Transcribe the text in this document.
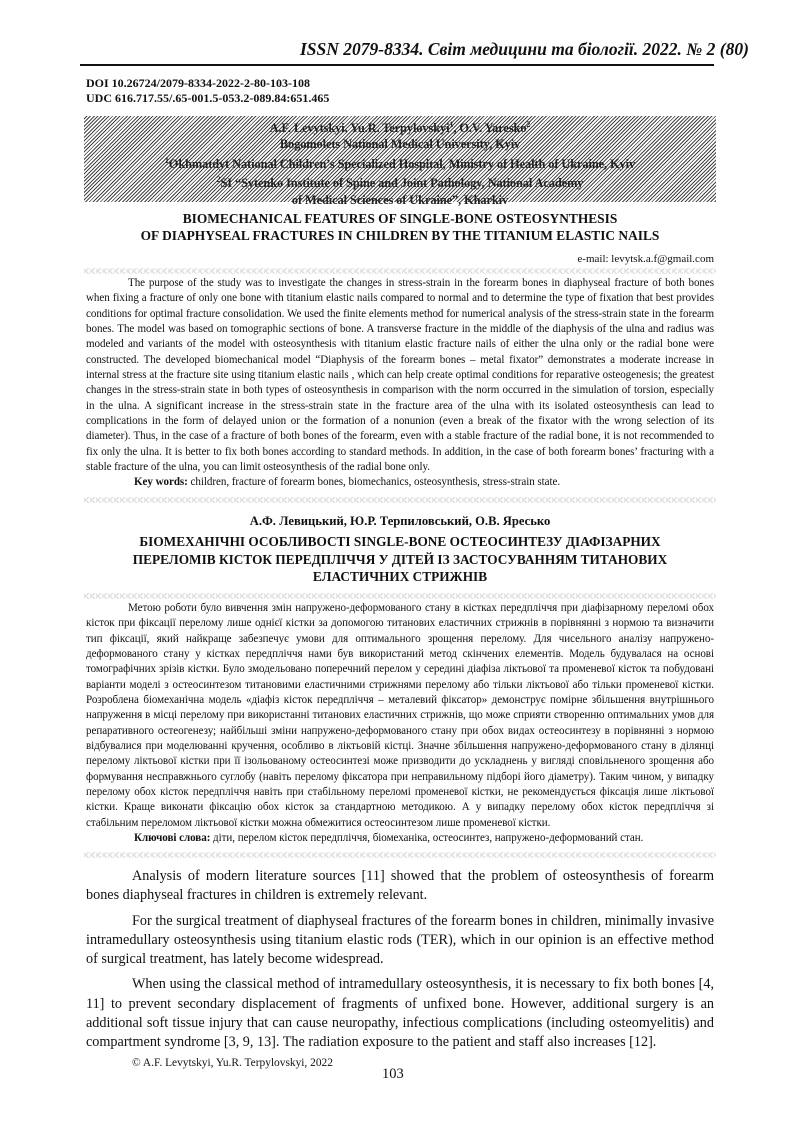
ISSN 2079-8334. Світ медицини та біології. 2022. № 2 (80)
DOI 10.26724/2079-8334-2022-2-80-103-108
UDC 616.717.55/.65-001.5-053.2-089.84:651.465
A.F. Levytskyi, Yu.R. Terpylovskyi$^1$, O.V. Yaresko$^2$
Bogomolets National Medical University, Kyiv
$^1$Okhmatdyt National Children’s Specialized Hospital, Ministry of Health of Ukraine, Kyiv
$^2$SI “Sytenko Institute of Spine and Joint Pathology, National Academy
of Medical Sciences of Ukraine”, Kharkiv
BIOMECHANICAL FEATURES OF SINGLE-BONE OSTEOSYNTHESIS
OF DIAPHYSEAL FRACTURES IN CHILDREN BY THE TITANIUM ELASTIC NAILS
e-mail: levytsk.a.f@gmail.com

The purpose of the study was to investigate the changes in stress-strain in the forearm bones in diaphyseal fracture of both bones when fixing a fracture of only one bone with titanium elastic nails compared to normal and to determine the type of fixation that best provides conditions for optimal fracture consolidation. We used the finite elements method for numerical analysis of the stress-strain state in the forearm bones. The model was based on tomographic sections of bone. A transverse fracture in the middle of the diaphysis of the ulna and radius was modeled and variants of the model with osteosynthesis with titanium elastic fracture nails of either the ulna only or the radial bone were constructed. The developed biomechanical model “Diaphysis of the forearm bones – metal fixator” demonstrates a moderate increase in internal stress at the fracture site using titanium elastic nails , which can help create optimal conditions for reparative osteogenesis; the greatest changes in the stress-strain state in both types of osteosynthesis in comparison with the norm occurred in the simulation of torsion, especially in the ulna. A significant increase in the stress-strain state in the fracture area of the ulna with its isolated osteosynthesis can lead to complications in the form of delayed union or the formation of a nonunion (even a break of the fixator with the wrong selection of its diameter). Thus, in the case of a fracture of both bones of the forearm, even with a stable fracture of the radial bone, it is not recommended to fix only the ulna. It is better to fix both bones according to standard methods. In addition, in the case of both forearm bones’ fracturing with a stable fracture of the ulna, you can limit osteosynthesis of the radial bone only.

Key words: children, fracture of forearm bones, biomechanics, osteosynthesis, stress-strain state.
А.Ф. Левицький, Ю.Р. Терпиловський, О.В. Яресько
БІОМЕХАНІЧНІ ОСОБЛИВОСТІ SINGLE-BONE ОСТЕОСИНТЕЗУ ДІАФІЗАРНИХ
ПЕРЕЛОМІВ КІСТОК ПЕРЕДПЛІЧЧЯ У ДІТЕЙ ІЗ ЗАСТОСУВАННЯМ ТИТАНОВИХ
ЕЛАСТИЧНИХ СТРИЖНІВ

Метою роботи було вивчення змін напружено-деформованого стану в кістках передпліччя при діафізарному переломі обох кісток при фіксації перелому лише однієї кістки за допомогою титанових еластичних стрижнів в порівнянні з нормою та визначити тип фіксації, який найкраще забезпечує умови для оптимального зрощення перелому. Для чисельного аналізу напружено-деформованого стану у кістках передпліччя нами був використаний метод скінчених елементів. Модель будувалася на основі томографічних зрізів кістки. Було змодельовано поперечний перелом у середині діафіза ліктьової та променевої кісток та побудовані варіанти моделі з остеосинтезом титановими еластичними стрижнями перелому або тільки ліктьової або тільки променевої кістки. Розроблена біомеханічна модель «діафіз кісток передпліччя – металевий фіксатор» демонструє помірне збільшення внутрішнього напруження в місці перелому при використанні титанових еластичних стрижнів, що може сприяти створенню оптимальних умов для репаративного остеогенезу; найбільші зміни напружено-деформованого стану при обох видах остеосинтезу в порівнянні з нормою відбувалися при моделюванні кручення, особливо в ліктьовій кістці. Значне збільшення напружено-деформованого стану в ділянці перелому ліктьової кістки при її ізольованому остеосинтезі може призводити до ускладнень у вигляді сповільненого зрощення або формування несправжнього суглобу (навіть перелому фіксатора при неправильному підборі його діаметру). Таким чином, у випадку перелому обох кісток передпліччя навіть при стабільному переломі променевої кістки, не рекомендується фіксація лише ліктьової кістки. Краще виконати фіксацію обох кісток за стандартною методикою. А у випадку перелому обох кісток передпліччя зі стабільним переломом ліктьової кістки можна обмежитися остеосинтезом лише променевої кістки.

Ключові слова: діти, перелом кісток передпліччя, біомеханіка, остеосинтез, напружено-деформований стан.

Analysis of modern literature sources [11] showed that the problem of osteosynthesis of forearm bones diaphyseal fractures in children is extremely relevant.

For the surgical treatment of diaphyseal fractures of the forearm bones in children, minimally invasive intramedullary osteosynthesis using titanium elastic rods (TER), which in our opinion is an effective method of surgical treatment, has lately become widespread.

When using the classical method of intramedullary osteosynthesis, it is necessary to fix both bones [4, 11] to prevent secondary displacement of fragments of unfixed bone. However, additional surgery is an additional soft tissue injury that can cause neuropathy, infectious complications (including osteomyelitis) and compartment syndrome [3, 9, 13]. The radiation exposure to the patient and staff also increases [12].

© A.F. Levytskyi, Yu.R. Terpylovskyi, 2022
103
